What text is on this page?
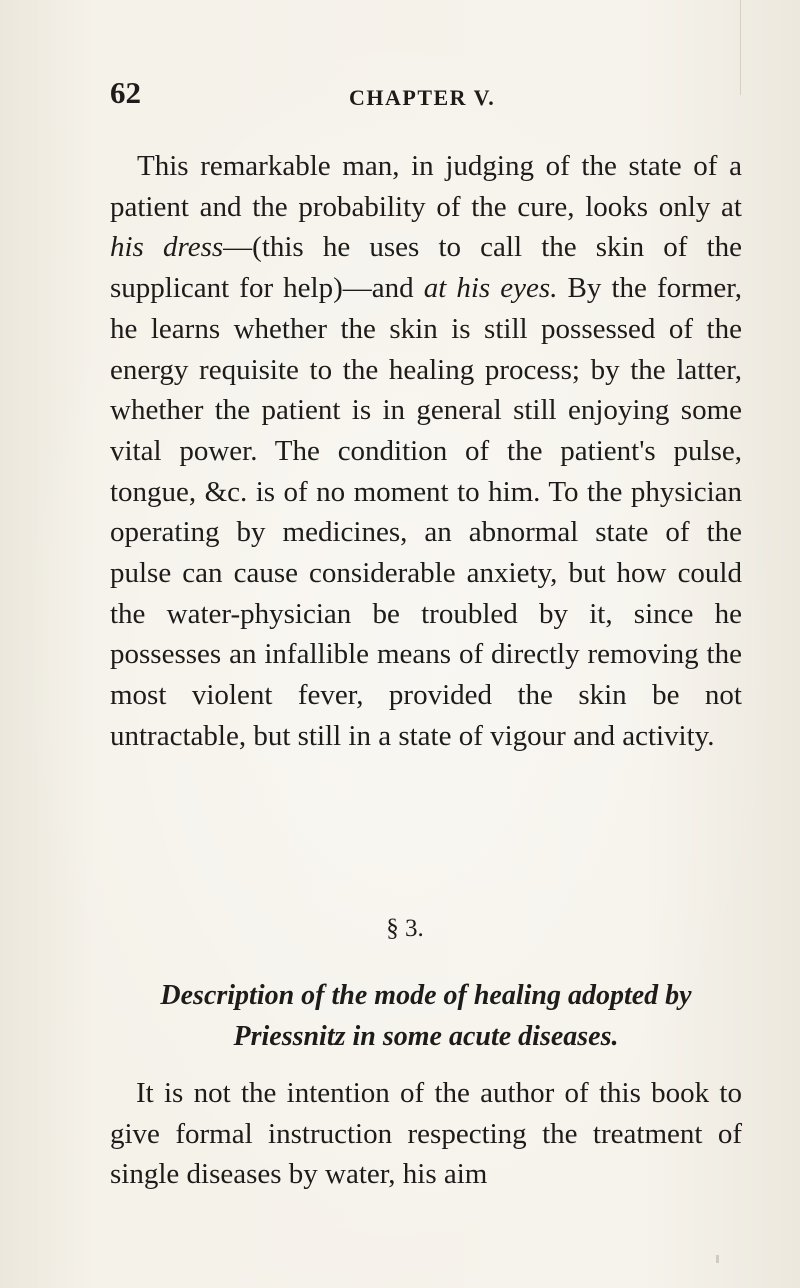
62	CHAPTER V.

This remarkable man, in judging of the state of a patient and the probability of the cure, looks only at his dress—(this he uses to call the skin of the supplicant for help)—and at his eyes. By the former, he learns whether the skin is still possessed of the energy requisite to the healing process; by the latter, whether the patient is in general still enjoying some vital power. The condition of the patient's pulse, tongue, &c. is of no moment to him. To the physician operating by medicines, an abnormal state of the pulse can cause considerable anxiety, but how could the water-physician be troubled by it, since he possesses an infallible means of directly removing the most violent fever, provided the skin be not untractable, but still in a state of vigour and activity.

§ 3.

Description of the mode of healing adopted by
Priessnitz in some acute diseases.

It is not the intention of the author of this book to give formal instruction respecting the treatment of single diseases by water, his aim
